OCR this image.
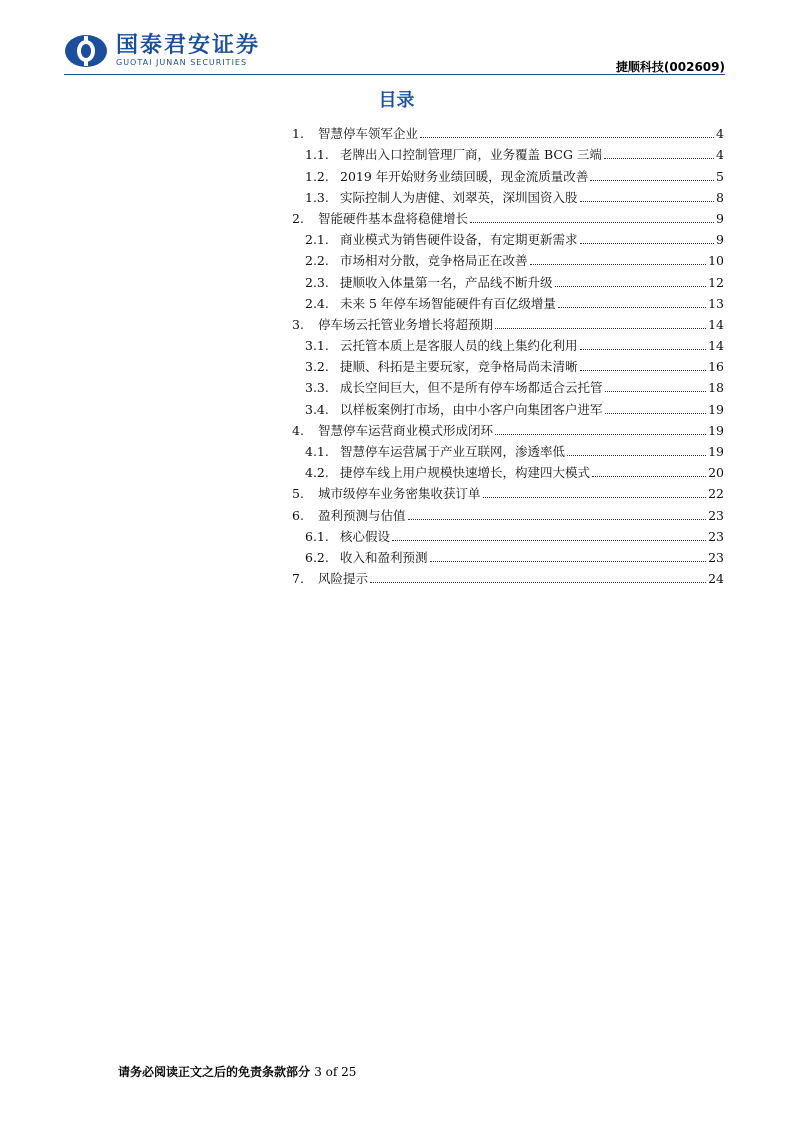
国泰君安证券
GUOTAI JUNAN SECURITIES	捷顺科技(002609)
目录
1.	智慧停车领军企业	4
1.1. 老牌出入口控制管理厂商，业务覆盖 BCG 三端	4
1.2. 2019 年开始财务业绩回暖，现金流质量改善	5
1.3. 实际控制人为唐健、刘翠英，深圳国资入股	8
2.	智能硬件基本盘将稳健增长	9
2.1. 商业模式为销售硬件设备，有定期更新需求	9
2.2. 市场相对分散，竞争格局正在改善	10
2.3. 捷顺收入体量第一名，产品线不断升级	12
2.4. 未来 5 年停车场智能硬件有百亿级增量	13
3.	停车场云托管业务增长将超预期	14
3.1. 云托管本质上是客服人员的线上集约化利用	14
3.2. 捷顺、科拓是主要玩家，竞争格局尚未清晰	16
3.3. 成长空间巨大，但不是所有停车场都适合云托管	18
3.4. 以样板案例打市场，由中小客户向集团客户进军	19
4.	智慧停车运营商业模式形成闭环	19
4.1. 智慧停车运营属于产业互联网，渗透率低	19
4.2. 捷停车线上用户规模快速增长，构建四大模式	20
5.	城市级停车业务密集收获订单	22
6.	盈利预测与估值	23
6.1. 核心假设	23
6.2. 收入和盈利预测	23
7.	风险提示	24
请务必阅读正文之后的免责条款部分 3 of 25
